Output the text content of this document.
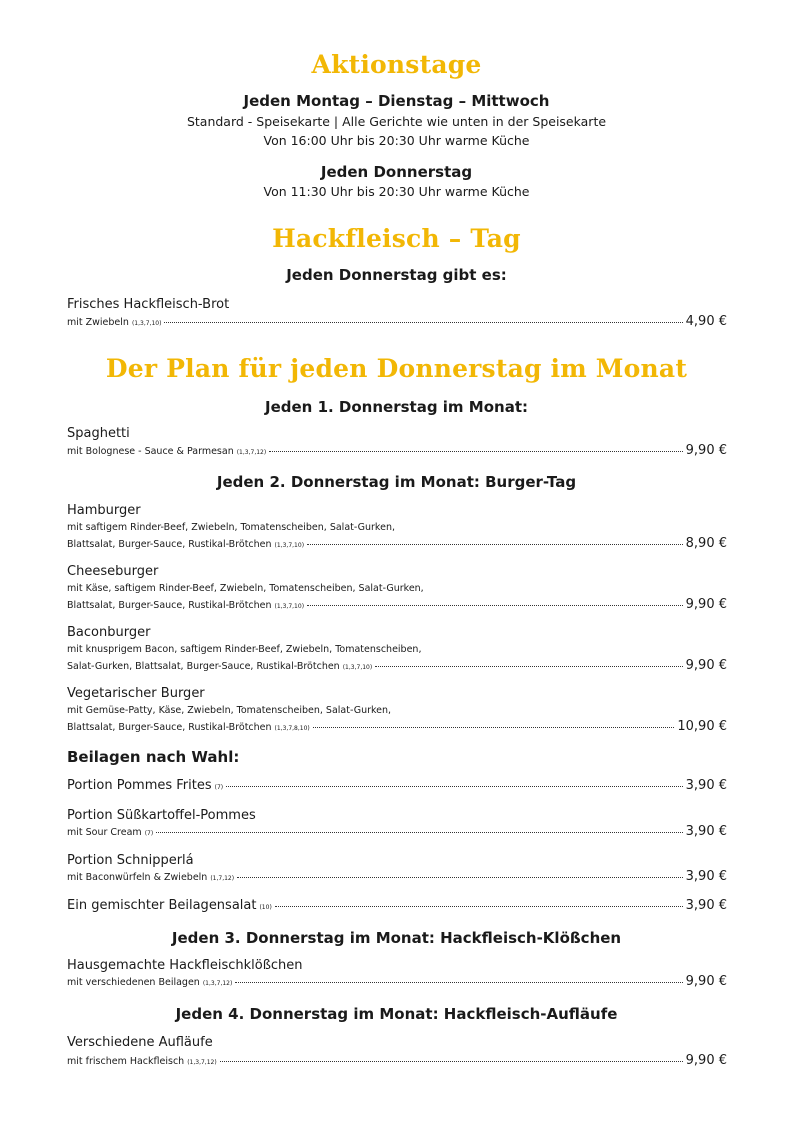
Aktionstage
Jeden Montag – Dienstag – Mittwoch
Standard - Speisekarte | Alle Gerichte wie unten in der Speisekarte
Von 16:00 Uhr bis 20:30 Uhr warme Küche
Jeden Donnerstag
Von 11:30 Uhr bis 20:30 Uhr warme Küche
Hackfleisch – Tag
Jeden Donnerstag gibt es:
Frisches Hackfleisch-Brot
mit Zwiebeln (1,3,7,10)	4,90 €
Der Plan für jeden Donnerstag im Monat
Jeden 1. Donnerstag im Monat:
Spaghetti
mit Bolognese - Sauce & Parmesan (1,3,7,12)	9,90 €
Jeden 2. Donnerstag im Monat: Burger-Tag
Hamburger
mit saftigem Rinder-Beef, Zwiebeln, Tomatenscheiben, Salat-Gurken,
Blattsalat, Burger-Sauce, Rustikal-Brötchen (1,3,7,10)	8,90 €
Cheeseburger
mit Käse, saftigem Rinder-Beef, Zwiebeln, Tomatenscheiben, Salat-Gurken,
Blattsalat, Burger-Sauce, Rustikal-Brötchen (1,3,7,10)	9,90 €
Baconburger
mit knusprigem Bacon, saftigem Rinder-Beef, Zwiebeln, Tomatenscheiben,
Salat-Gurken, Blattsalat, Burger-Sauce, Rustikal-Brötchen (1,3,7,10)	9,90 €
Vegetarischer Burger
mit Gemüse-Patty, Käse, Zwiebeln, Tomatenscheiben, Salat-Gurken,
Blattsalat, Burger-Sauce, Rustikal-Brötchen (1,3,7,8,10)	10,90 €
Beilagen nach Wahl:
Portion Pommes Frites (7)	3,90 €
Portion Süßkartoffel-Pommes
mit Sour Cream (7)	3,90 €
Portion Schnipperlá
mit Baconwürfeln & Zwiebeln (1,7,12)	3,90 €
Ein gemischter Beilagensalat (10)	3,90 €
Jeden 3. Donnerstag im Monat: Hackfleisch-Klößchen
Hausgemachte Hackfleischklößchen
mit verschiedenen Beilagen (1,3,7,12)	9,90 €
Jeden 4. Donnerstag im Monat: Hackfleisch-Aufläufe
Verschiedene Aufläufe
mit frischem Hackfleisch (1,3,7,12)	9,90 €
